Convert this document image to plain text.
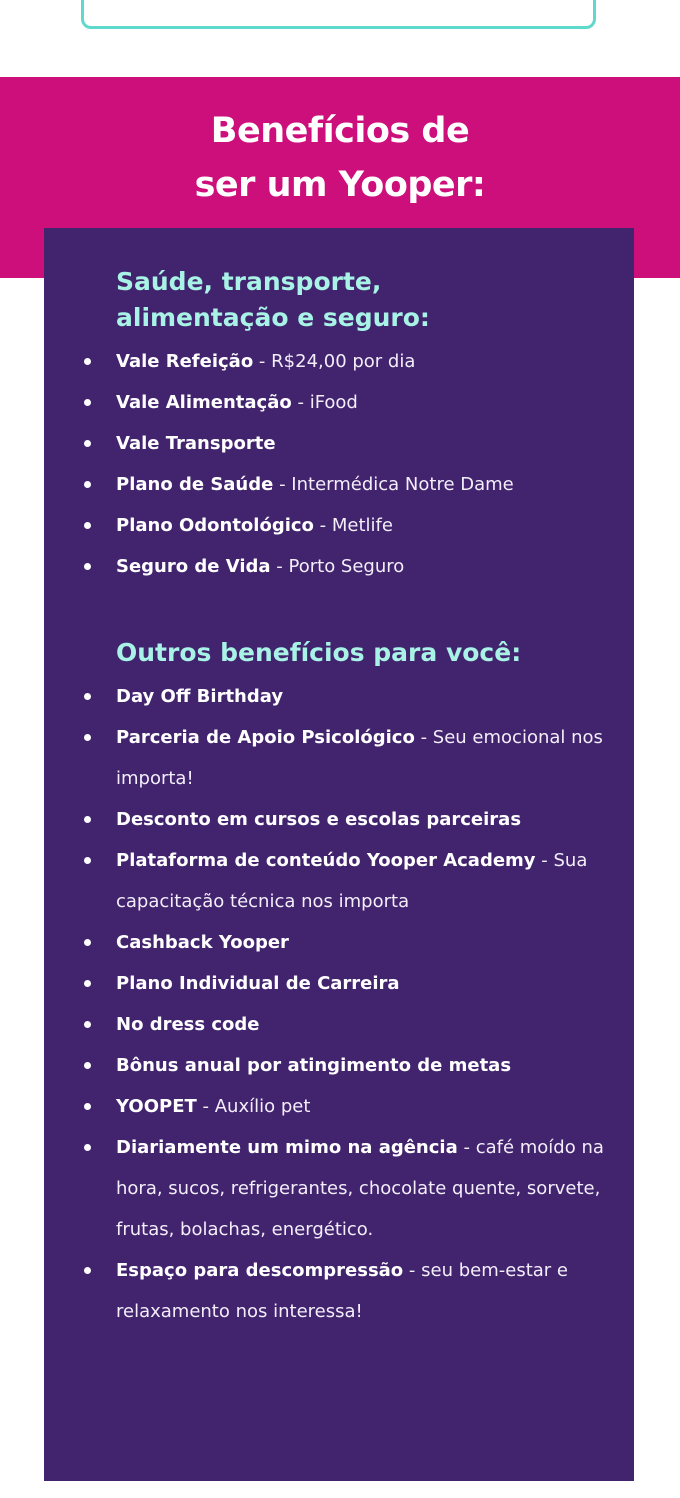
Benefícios de
ser um Yooper:
Saúde, transporte,
alimentação e seguro:
Vale Refeição - R$24,00 por dia
Vale Alimentação - iFood
Vale Transporte
Plano de Saúde - Intermédica Notre Dame
Plano Odontológico - Metlife
Seguro de Vida - Porto Seguro
Outros benefícios para você:
Day Off Birthday
Parceria de Apoio Psicológico - Seu emocional nos importa!
Desconto em cursos e escolas parceiras
Plataforma de conteúdo Yooper Academy - Sua capacitação técnica nos importa
Cashback Yooper
Plano Individual de Carreira
No dress code
Bônus anual por atingimento de metas
YOOPET - Auxílio pet
Diariamente um mimo na agência - café moído na hora, sucos, refrigerantes, chocolate quente, sorvete, frutas, bolachas, energético.
Espaço para descompressão - seu bem-estar e relaxamento nos interessa!
